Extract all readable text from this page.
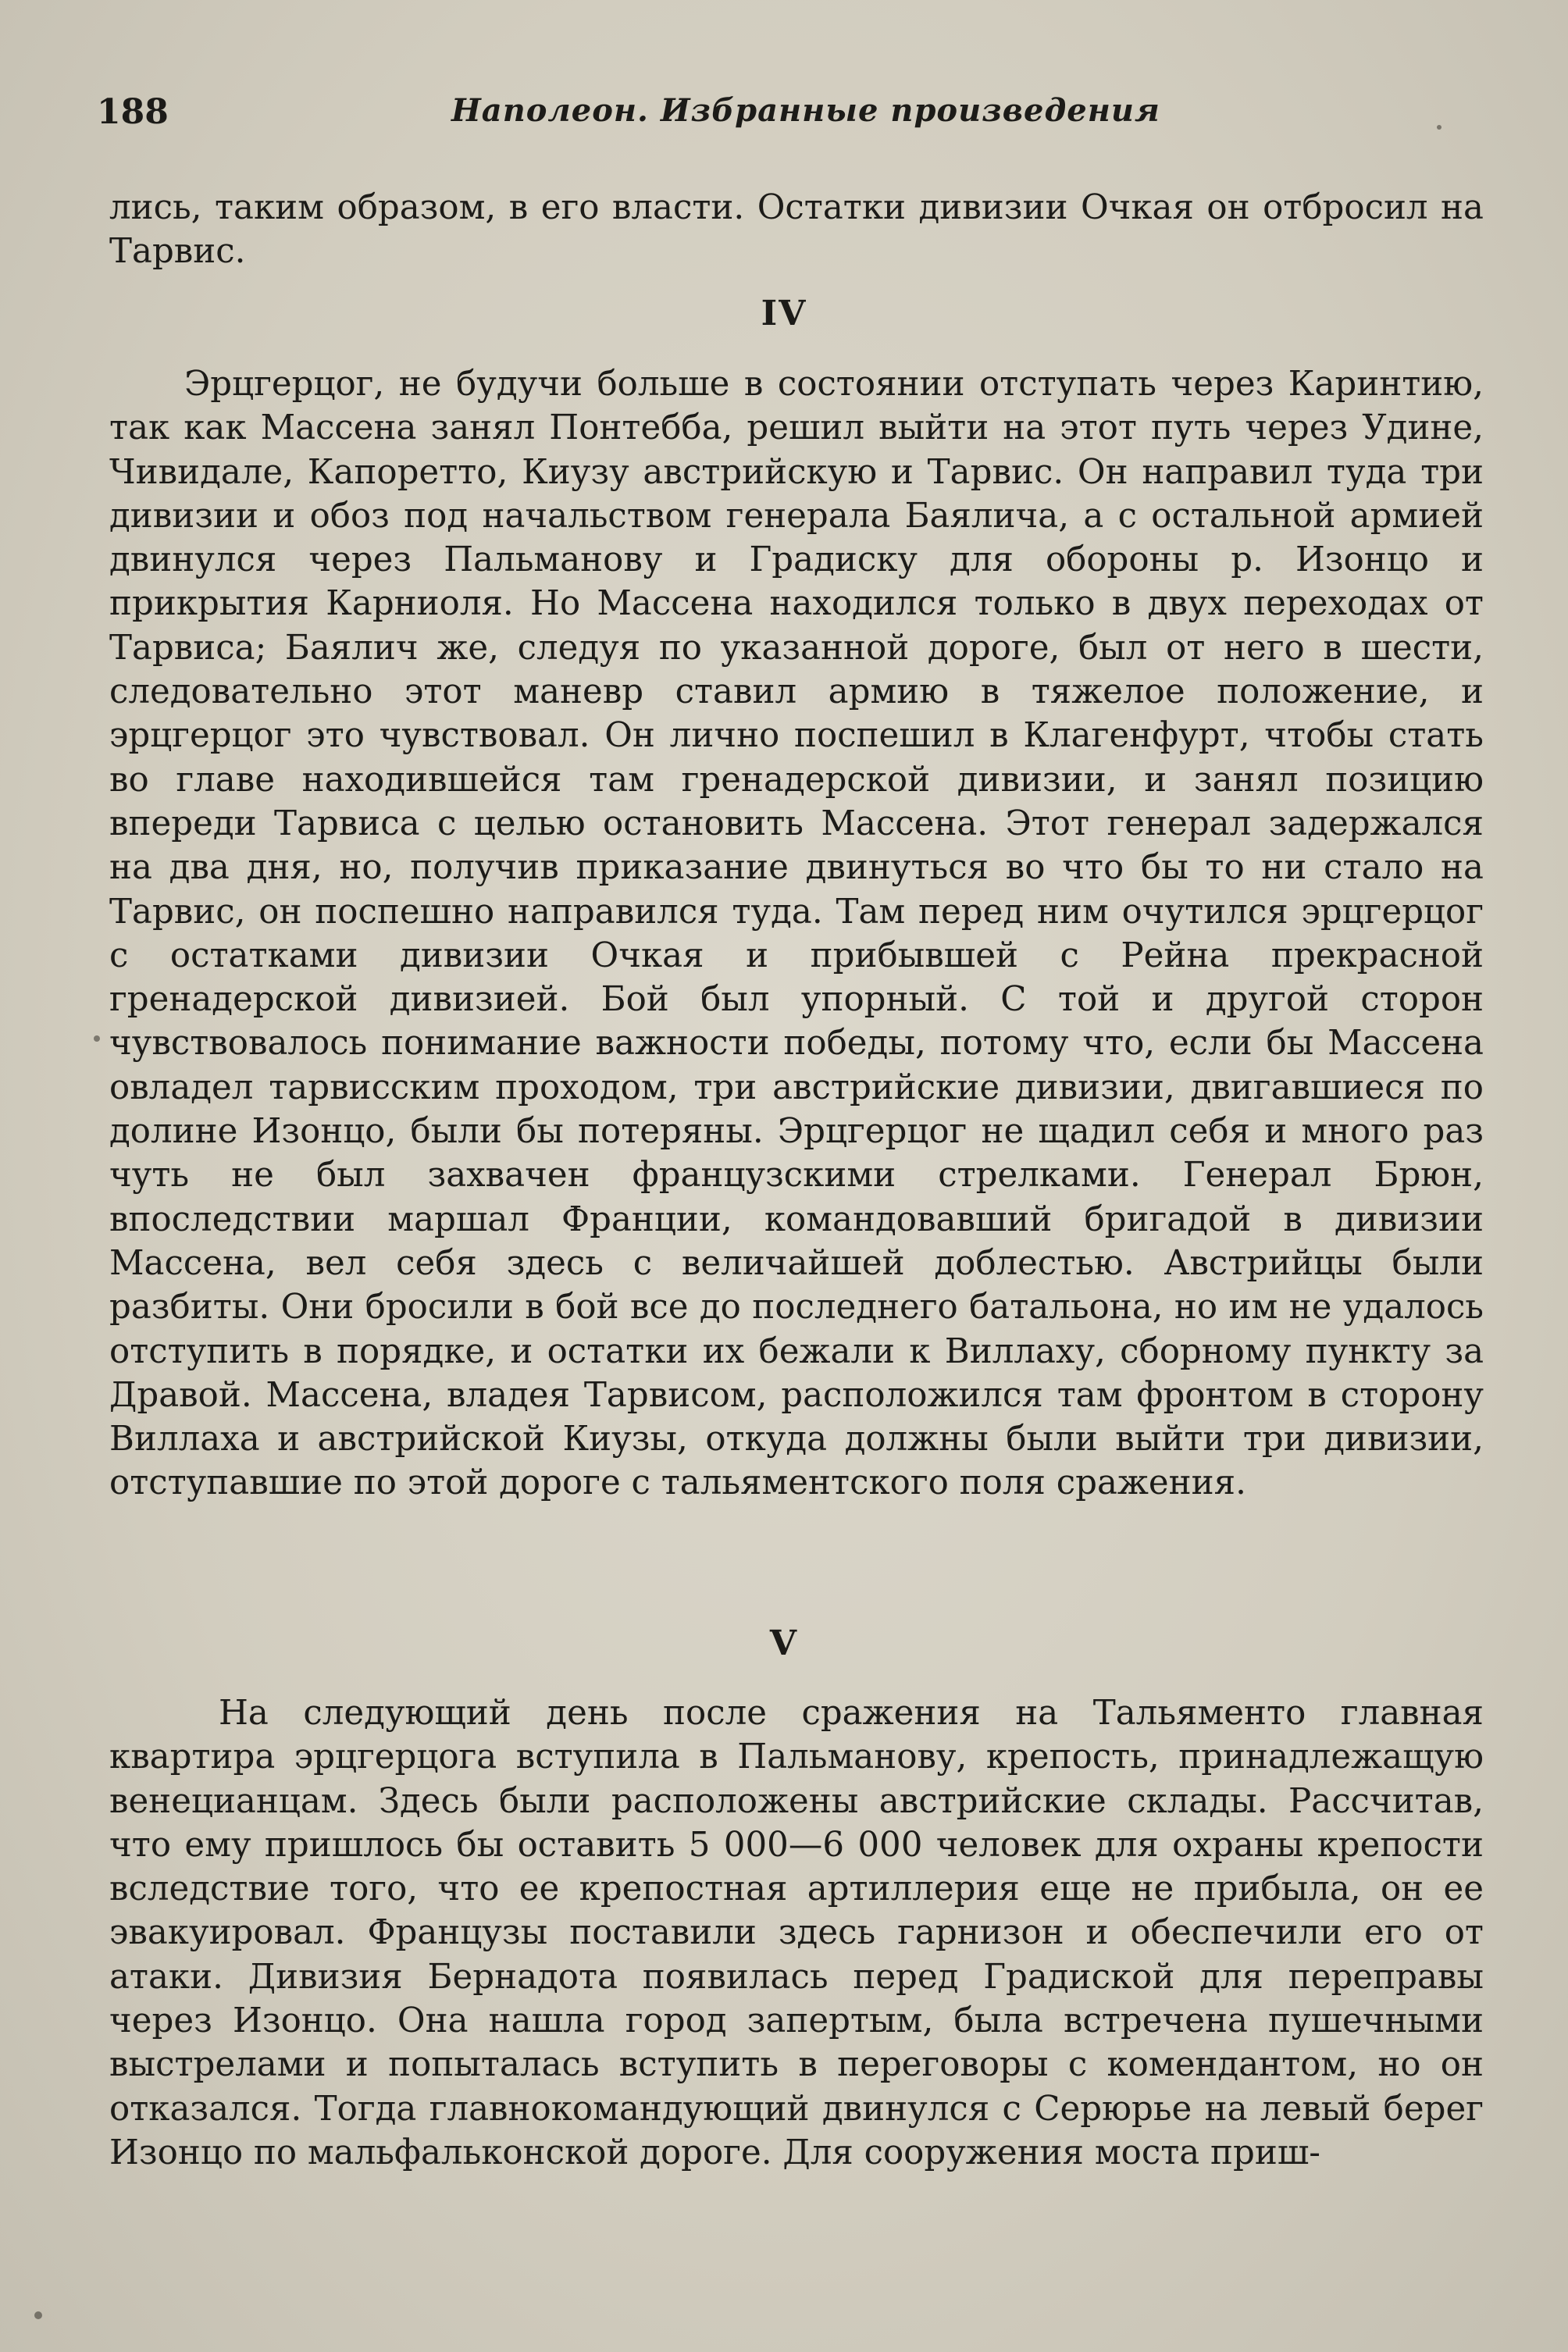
188	Наполеон. Избранные произведения

лись, таким образом, в его власти. Остатки дивизии Очкая он отбросил на Тарвис.

IV

Эрцгерцог, не будучи больше в состоянии отступать через Каринтию, так как Массена занял Понтебба, решил выйти на этот путь через Удине, Чивидале, Капоретто, Киузу австрийскую и Тарвис. Он направил туда три дивизии и обоз под начальством генерала Баялича, а с остальной армией двинулся через Пальманову и Градиску для обороны р. Изонцо и прикрытия Карниоля. Но Массена находился только в двух переходах от Тарвиса; Баялич же, следуя по указанной дороге, был от него в шести, следовательно этот маневр ставил армию в тяжелое положение, и эрцгерцог это чувствовал. Он лично поспешил в Клагенфурт, чтобы стать во главе находившейся там гренадерской дивизии, и занял позицию впереди Тарвиса с целью остановить Массена. Этот генерал задержался на два дня, но, получив приказание двинуться во что бы то ни стало на Тарвис, он поспешно направился туда. Там перед ним очутился эрцгерцог с остатками дивизии Очкая и прибывшей с Рейна прекрасной гренадерской дивизией. Бой был упорный. С той и другой сторон чувствовалось понимание важности победы, потому что, если бы Массена овладел тарвисским проходом, три австрийские дивизии, двигавшиеся по долине Изонцо, были бы потеряны. Эрцгерцог не щадил себя и много раз чуть не был захвачен французскими стрелками. Генерал Брюн, впоследствии маршал Франции, командовавший бригадой в дивизии Массена, вел себя здесь с величайшей доблестью. Австрийцы были разбиты. Они бросили в бой все до последнего батальона, но им не удалось отступить в порядке, и остатки их бежали к Виллаху, сборному пункту за Дравой. Массена, владея Тарвисом, расположился там фронтом в сторону Виллаха и австрийской Киузы, откуда должны были выйти три дивизии, отступавшие по этой дороге с тальяментского поля сражения.

V

На следующий день после сражения на Тальяменто главная квартира эрцгерцога вступила в Пальманову, крепость, принадлежащую венецианцам. Здесь были расположены австрийские склады. Рассчитав, что ему пришлось бы оставить 5 000—6 000 человек для охраны крепости вследствие того, что ее крепостная артиллерия еще не прибыла, он ее эвакуировал. Французы поставили здесь гарнизон и обеспечили его от атаки. Дивизия Бернадота появилась перед Градиской для переправы через Изонцо. Она нашла город запертым, была встречена пушечными выстрелами и попыталась вступить в переговоры с комендантом, но он отказался. Тогда главнокомандующий двинулся с Серюрье на левый берег Изонцо по мальфальконской дороге. Для сооружения моста приш-
